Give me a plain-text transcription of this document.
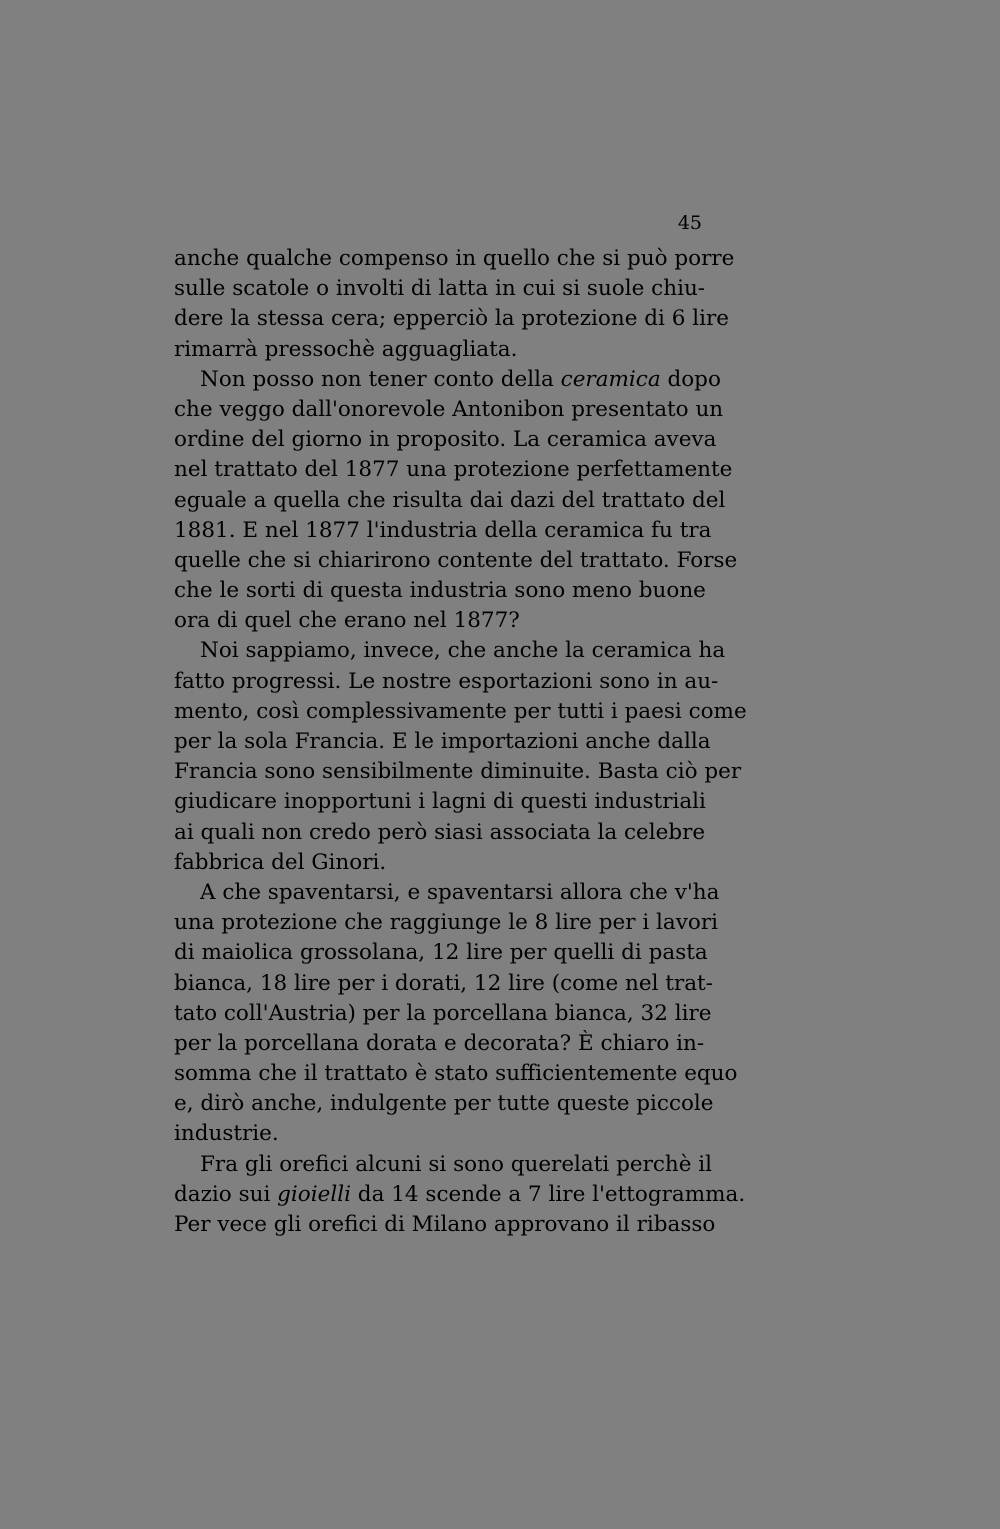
45
anche qualche compenso in quello che si può porre
sulle scatole o involti di latta in cui si suole chiu-
dere la stessa cera; epperciò la protezione di 6 lire
rimarrà pressochè agguagliata.
Non posso non tener conto della ceramica dopo
che veggo dall'onorevole Antonibon presentato un
ordine del giorno in proposito. La ceramica aveva
nel trattato del 1877 una protezione perfettamente
eguale a quella che risulta dai dazi del trattato del
1881. E nel 1877 l'industria della ceramica fu tra
quelle che si chiarirono contente del trattato. Forse
che le sorti di questa industria sono meno buone
ora di quel che erano nel 1877?
Noi sappiamo, invece, che anche la ceramica ha
fatto progressi. Le nostre esportazioni sono in au-
mento, così complessivamente per tutti i paesi come
per la sola Francia. E le importazioni anche dalla
Francia sono sensibilmente diminuite. Basta ciò per
giudicare inopportuni i lagni di questi industriali
ai quali non credo però siasi associata la celebre
fabbrica del Ginori.
A che spaventarsi, e spaventarsi allora che v'ha
una protezione che raggiunge le 8 lire per i lavori
di maiolica grossolana, 12 lire per quelli di pasta
bianca, 18 lire per i dorati, 12 lire (come nel trat-
tato coll'Austria) per la porcellana bianca, 32 lire
per la porcellana dorata e decorata? È chiaro in-
somma che il trattato è stato sufficientemente equo
e, dirò anche, indulgente per tutte queste piccole
industrie.
Fra gli orefici alcuni si sono querelati perchè il
dazio sui gioielli da 14 scende a 7 lire l'ettogramma.
Per vece gli orefici di Milano approvano il ribasso
